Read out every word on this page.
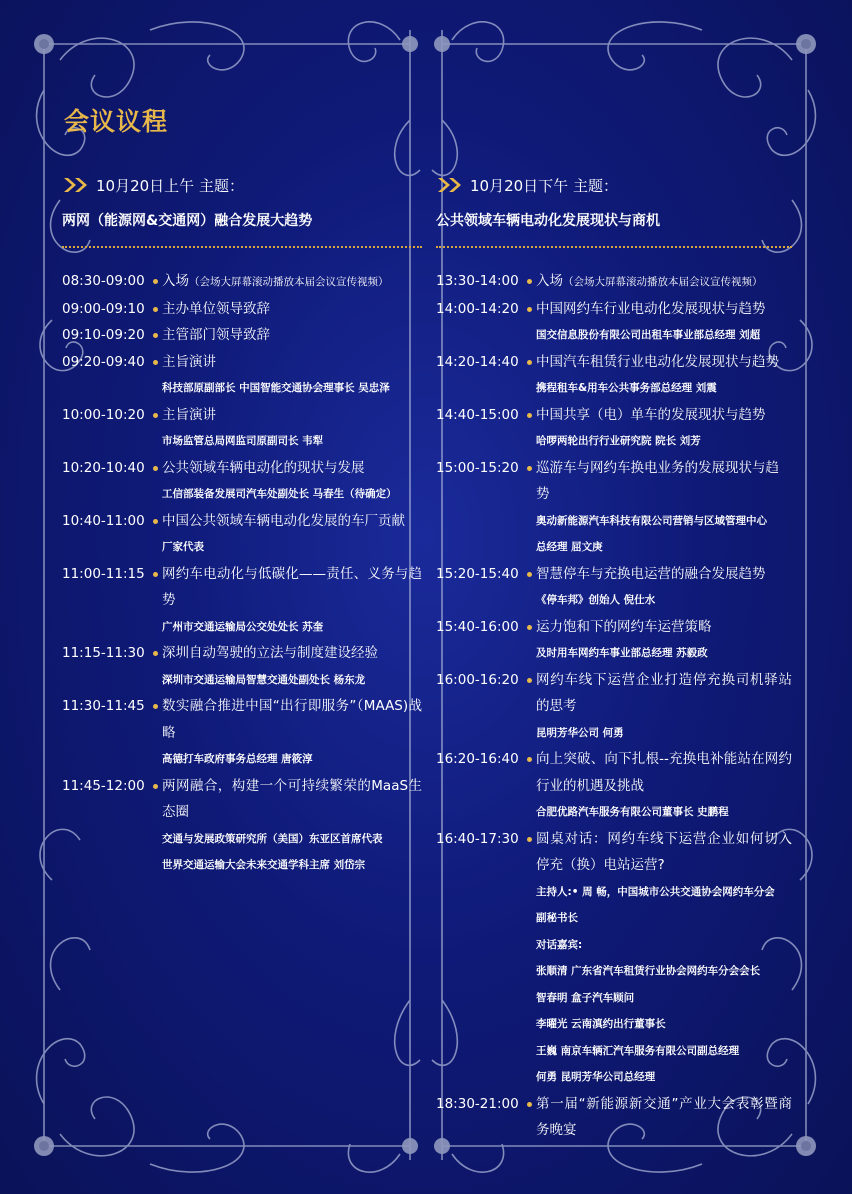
会议议程
10月20日上午 主题：
两网（能源网&交通网）融合发展大趋势
08:30-09:00	入场（会场大屏幕滚动播放本届会议宣传视频）
09:00-09:10	主办单位领导致辞
09:10-09:20	主管部门领导致辞
09:20-09:40	主旨演讲
科技部原副部长 中国智能交通协会理事长 吴忠泽
10:00-10:20	主旨演讲
市场监管总局网监司原副司长 韦犁
10:20-10:40	公共领域车辆电动化的现状与发展
工信部装备发展司汽车处副处长 马春生（待确定）
10:40-11:00	中国公共领域车辆电动化发展的车厂贡献
厂家代表
11:00-11:15	网约车电动化与低碳化——责任、义务与趋势
广州市交通运输局公交处处长 苏奎
11:15-11:30	深圳自动驾驶的立法与制度建设经验
深圳市交通运输局智慧交通处副处长 杨东龙
11:30-11:45	数实融合推进中国“出行即服务”（MAAS)战略
高德打车政府事务总经理 唐筱淳
11:45-12:00	两网融合，构建一个可持续繁荣的MaaS生态圈
交通与发展政策研究所（美国）东亚区首席代表
世界交通运输大会未来交通学科主席 刘岱宗
10月20日下午 主题：
公共领域车辆电动化发展现状与商机
13:30-14:00	入场（会场大屏幕滚动播放本届会议宣传视频）
14:00-14:20	中国网约车行业电动化发展现状与趋势
国交信息股份有限公司出租车事业部总经理 刘超
14:20-14:40	中国汽车租赁行业电动化发展现状与趋势
携程租车&用车公共事务部总经理 刘震
14:40-15:00	中国共享（电）单车的发展现状与趋势
哈啰两轮出行行业研究院 院长 刘芳
15:00-15:20	巡游车与网约车换电业务的发展现状与趋势
奥动新能源汽车科技有限公司营销与区域管理中心
总经理 屈文庚
15:20-15:40	智慧停车与充换电运营的融合发展趋势
《停车邦》创始人 倪仕水
15:40-16:00	运力饱和下的网约车运营策略
及时用车网约车事业部总经理 苏毅政
16:00-16:20	网约车线下运营企业打造停充换司机驿站的思考
昆明芳华公司 何勇
16:20-16:40	向上突破、向下扎根--充换电补能站在网约行业的机遇及挑战
合肥优路汽车服务有限公司董事长 史鹏程
16:40-17:30	圆桌对话：网约车线下运营企业如何切入停充（换）电站运营?
主持人:• 周 畅，中国城市公共交通协会网约车分会
副秘书长
对话嘉宾:
张顺清 广东省汽车租赁行业协会网约车分会会长
智春明 盒子汽车顾问
李曜光 云南滇约出行董事长
王巍 南京车辆汇汽车服务有限公司副总经理
何勇 昆明芳华公司总经理
18:30-21:00	第一届“新能源新交通”产业大会表彰暨商务晚宴
